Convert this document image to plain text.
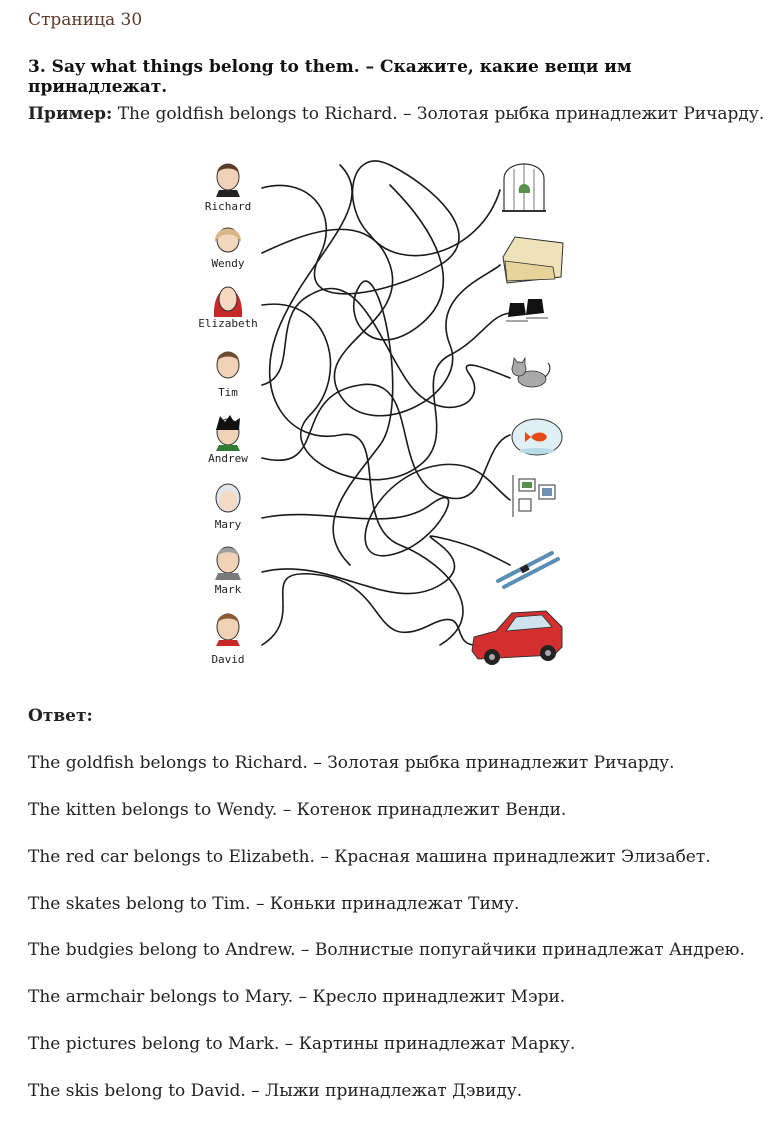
Страница 30
3. Say what things belong to them. – Скажите, какие вещи им принадлежат.
Пример: The goldfish belongs to Richard. – Золотая рыбка принадлежит Ричарду.
Richard
Wendy
Elizabeth
Tim
Andrew
Mary
Mark
David
Ответ:
The goldfish belongs to Richard. – Золотая рыбка принадлежит Ричарду.
The kitten belongs to Wendy. – Котенок принадлежит Венди.
The red car belongs to Elizabeth. – Красная машина принадлежит Элизабет.
The skates belong to Tim. – Коньки принадлежат Тиму.
The budgies belong to Andrew. – Волнистые попугайчики принадлежат Андрею.
The armchair belongs to Mary. – Кресло принадлежит Мэри.
The pictures belong to Mark. – Картины принадлежат Марку.
The skis belong to David. – Лыжи принадлежат Дэвиду.
